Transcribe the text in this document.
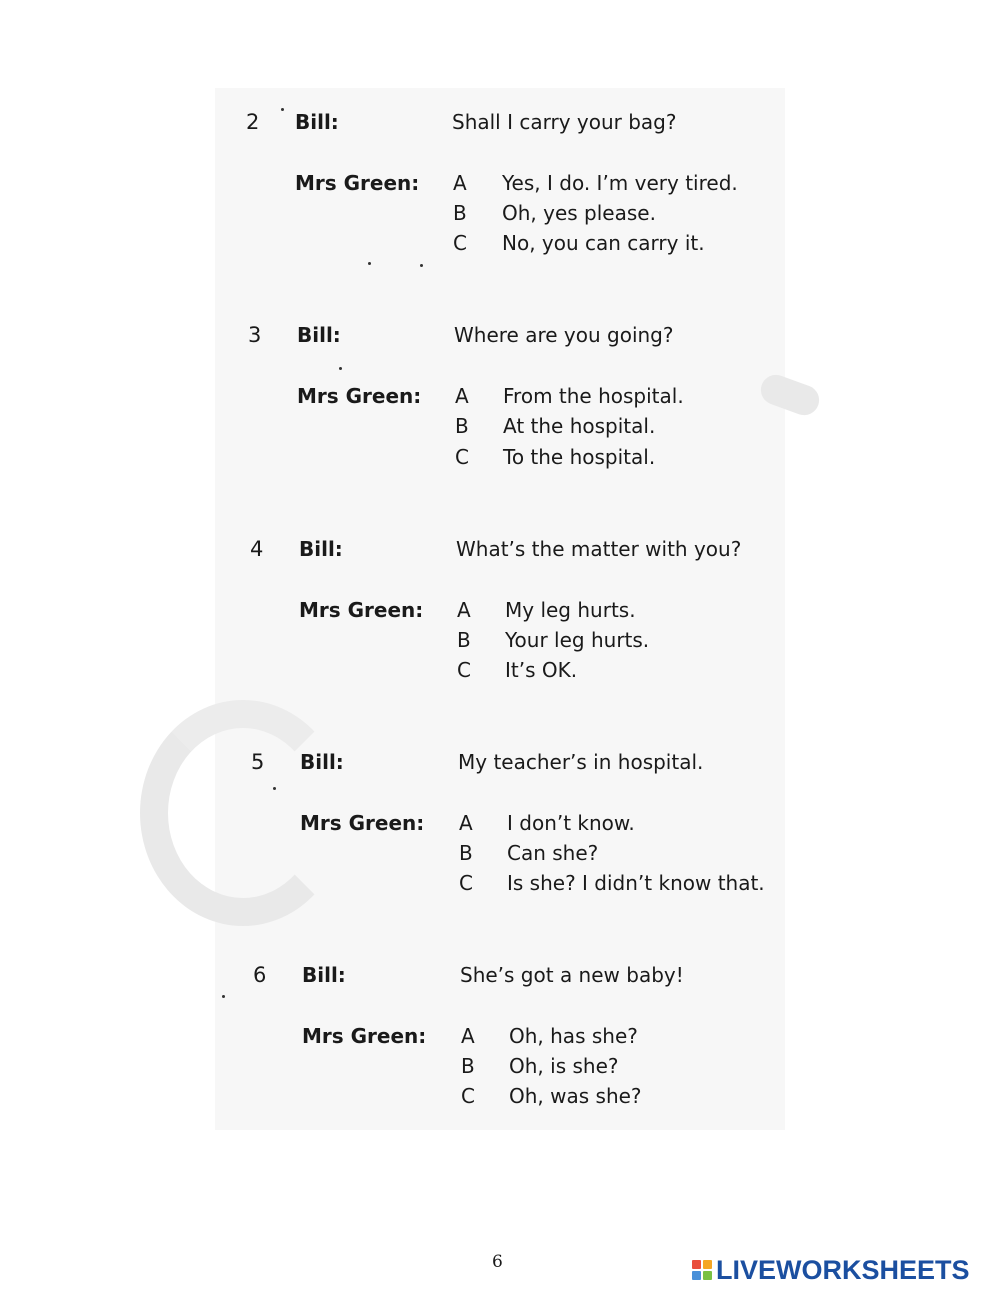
2 Bill:	Shall I carry your bag?
Mrs Green: A Yes, I do. I’m very tired.
B Oh, yes please.
C No, you can carry it.
3 Bill:	Where are you going?
Mrs Green: A From the hospital.
B At the hospital.
C To the hospital.
4 Bill:	What’s the matter with you?
Mrs Green: A My leg hurts.
B Your leg hurts.
C It’s OK.
5 Bill:	My teacher’s in hospital.
Mrs Green: A I don’t know.
B Can she?
C Is she? I didn’t know that.
6 Bill:	She’s got a new baby!
Mrs Green: A Oh, has she?
B Oh, is she?
C Oh, was she?
6	LIVEWORKSHEETS
